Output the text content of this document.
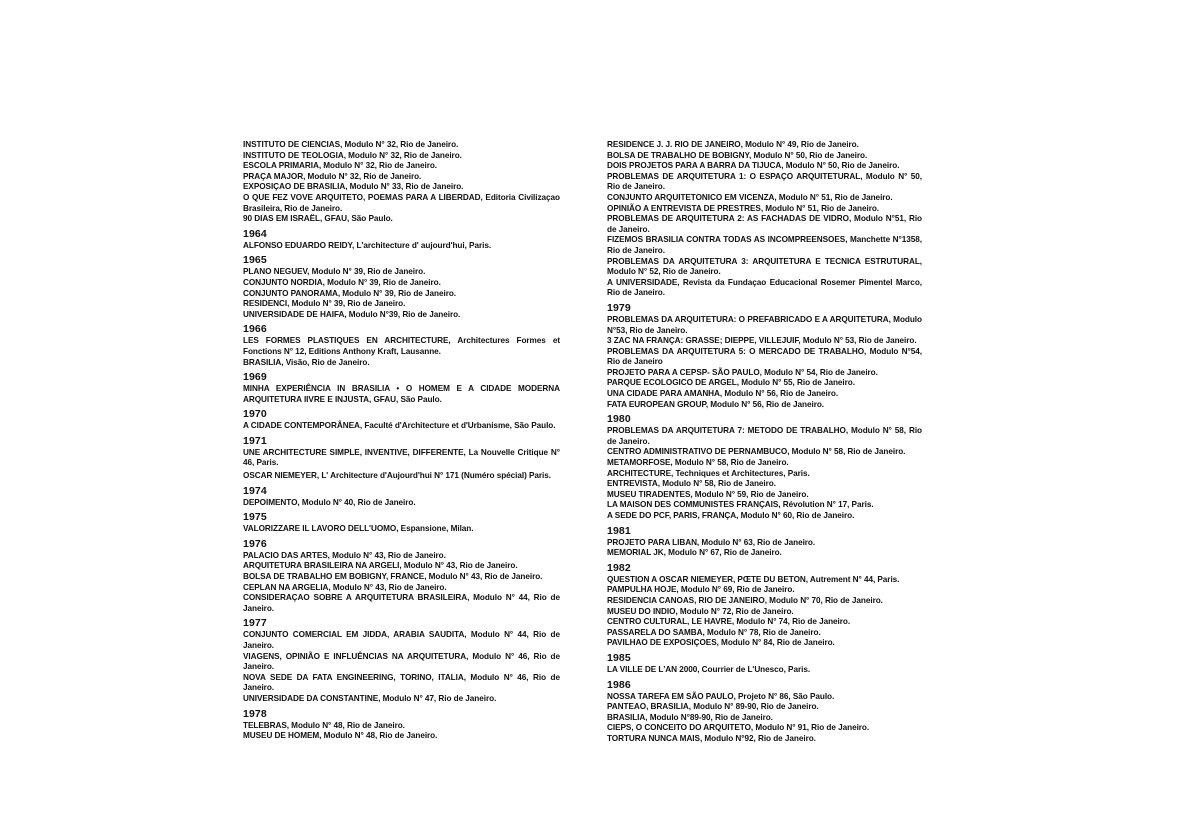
INSTITUTO DE CIENCIAS, Modulo N° 32, Rio de Janeiro.

INSTITUTO DE TEOLOGIA, Modulo N° 32, Rio de Janeiro.

ESCOLA PRIMARIA, Modulo N° 32, Rio de Janeiro.

PRAÇA MAJOR, Modulo N° 32, Rio de Janeiro.

EXPOSIÇAO DE BRASILIA, Modulo N° 33, Rio de Janeiro.

O QUE FEZ VOVE ARQUITETO, POEMAS PARA A LIBERDAD, Editoria Civilizaçao Brasileira, Rio de Janeiro.

90 DIAS EM ISRAËL, GFAU, São Paulo.

1964

ALFONSO EDUARDO REIDY, L'architecture d' aujourd'hui, Paris.

1965

PLANO NEGUEV, Modulo N° 39, Rio de Janeiro.

CONJUNTO NORDIA, Modulo N° 39, Rio de Janeiro.

CONJUNTO PANORAMA, Modulo N° 39, Rio de Janeiro.

RESIDENCI, Modulo N° 39, Rio de Janeiro.

UNIVERSIDADE DE HAIFA, Modulo N°39, Rio de Janeiro.

1966

LES FORMES PLASTIQUES EN ARCHITECTURE, Architectures Formes et Fonctions N° 12, Editions Anthony Kraft, Lausanne.

BRASILIA, Visão, Rio de Janeiro.

1969

MINHA EXPERIÊNCIA IN BRASILIA • O HOMEM E A CIDADE MODERNA ARQUITETURA IIVRE E INJUSTA, GFAU, São Paulo.

1970

A CIDADE CONTEMPORÂNEA, Faculté d'Architecture et d'Urbanisme, São Paulo.

1971

UNE ARCHITECTURE SIMPLE, INVENTIVE, DIFFERENTE, La Nouvelle Critique N° 46, Paris.

OSCAR NIEMEYER, L' Architecture d'Aujourd'hui N° 171 (Numéro spécial) Paris.

1974

DEPOIMENTO, Modulo N° 40, Rio de Janeiro.

1975

VALORIZZARE IL LAVORO DELL'UOMO, Espansione, Milan.

1976

PALACIO DAS ARTES, Modulo N° 43, Rio de Janeiro.

ARQUITETURA BRASILEIRA NA ARGELI, Modulo N° 43, Rio de Janeiro.

BOLSA DE TRABALHO EM BOBIGNY, FRANCE, Modulo N° 43, Rio de Janeiro.

CEPLAN NA ARGELIA, Modulo N° 43, Rio de Janeiro.

CONSIDERAÇAO SOBRE A ARQUITETURA BRASILEIRA, Modulo N° 44, Rio de Janeiro.

1977

CONJUNTO COMERCIAL EM JIDDA, ARABIA SAUDITA, Modulo N° 44, Rio de Janeiro.

VIAGENS, OPINIÃO E INFLUÊNCIAS NA ARQUITETURA, Modulo N° 46, Rio de Janeiro.

NOVA SEDE DA FATA ENGINEERING, TORINO, ITALIA, Modulo N° 46, Rio de Janeiro.

UNIVERSIDADE DA CONSTANTINE, Modulo N° 47, Rio de Janeiro.

1978

TELEBRAS, Modulo N° 48, Rio de Janeiro.

MUSEU DE HOMEM, Modulo N° 48, Rio de Janeiro.

RESIDENCE J. J. RIO DE JANEIRO, Modulo N° 49, Rio de Janeiro.

BOLSA DE TRABALHO DE BOBIGNY, Modulo N° 50, Rio de Janeiro.

DOIS PROJETOS PARA A BARRA DA TIJUCA, Modulo N° 50, Rio de Janeiro.

PROBLEMAS DE ARQUITETURA 1: O ESPAÇO ARQUITETURAL, Modulo N° 50, Rio de Janeiro.

CONJUNTO ARQUITETONICO EM VICENZA, Modulo N° 51, Rio de Janeiro.

OPINIÃO A ENTREVISTA DE PRESTRES, Modulo N° 51, Rio de Janeiro.

PROBLEMAS DE ARQUITETURA 2: AS FACHADAS DE VIDRO, Modulo N°51, Rio de Janeiro.

FIZEMOS BRASILIA CONTRA TODAS AS INCOMPREENSOES, Manchette N°1358, Rio de Janeiro.

PROBLEMAS DA ARQUITETURA 3: ARQUITETURA E TECNICA ESTRUTURAL, Modulo N° 52, Rio de Janeiro.

A UNIVERSIDADE, Revista da Fundaçao Educacional Rosemer Pimentel Marco, Rio de Janeiro.

1979

PROBLEMAS DA ARQUITETURA: O PREFABRICADO E A ARQUITETURA, Modulo N°53, Rio de Janeiro.

3 ZAC NA FRANÇA: GRASSE; DIEPPE, VILLEJUIF, Modulo N° 53, Rio de Janeiro.

PROBLEMAS DA ARQUITETURA 5: O MERCADO DE TRABALHO, Modulo N°54, Rio de Janeiro

PROJETO PARA A CEPSP- SÃO PAULO, Modulo N° 54, Rio de Janeiro.

PARQUE ECOLOGICO DE ARGEL, Modulo N° 55, Rio de Janeiro.

UNA CIDADE PARA AMANHA, Modulo N° 56, Rio de Janeiro.

FATA EUROPEAN GROUP, Modulo N° 56, Rio de Janeiro.

1980

PROBLEMAS DA ARQUITETURA 7: METODO DE TRABALHO, Modulo N° 58, Rio de Janeiro.

CENTRO ADMINISTRATIVO DE PERNAMBUCO, Modulo N° 58, Rio de Janeiro.

METAMORFOSE, Modulo N° 58, Rio de Janeiro.

ARCHITECTURE, Techniques et Architectures, Paris.

ENTREVISTA, Modulo N° 58, Rio de Janeiro.

MUSEU TIRADENTES, Modulo N° 59, Rio de Janeiro.

LA MAISON DES COMMUNISTES FRANÇAIS, Révolution N° 17, Paris.

A SEDE DO PCF, PARIS, FRANÇA, Modulo N° 60, Rio de Janeiro.

1981

PROJETO PARA LIBAN, Modulo N° 63, Rio de Janeiro.

MEMORIAL JK, Modulo N° 67, Rio de Janeiro.

1982

QUESTION A OSCAR NIEMEYER, PŒTE DU BETON, Autrement N° 44, Paris.

PAMPULHA HOJE, Modulo N° 69, Rio de Janeiro.

RESIDENCIA CANOAS, RIO DE JANEIRO, Modulo N° 70, Rio de Janeiro.

MUSEU DO INDIO, Modulo N° 72, Rio de Janeiro.

CENTRO CULTURAL, LE HAVRE, Modulo N° 74, Rio de Janeiro.

PASSARELA DO SAMBA, Modulo N° 78, Rio de Janeiro.

PAVILHAO DE EXPOSIÇOES, Modulo N° 84, Rio de Janeiro.

1985

LA VILLE DE L'AN 2000, Courrier de L'Unesco, Paris.

1986

NOSSA TAREFA EM SÃO PAULO, Projeto N° 86, São Paulo.

PANTEAO, BRASILIA, Modulo N° 89-90, Rio de Janeiro.

BRASILIA, Modulo N°89-90, Rio de Janeiro.

CIEPS, O CONCEITO DO ARQUITETO, Modulo N° 91, Rio de Janeiro.

TORTURA NUNCA MAIS, Modulo N°92, Rio de Janeiro.
